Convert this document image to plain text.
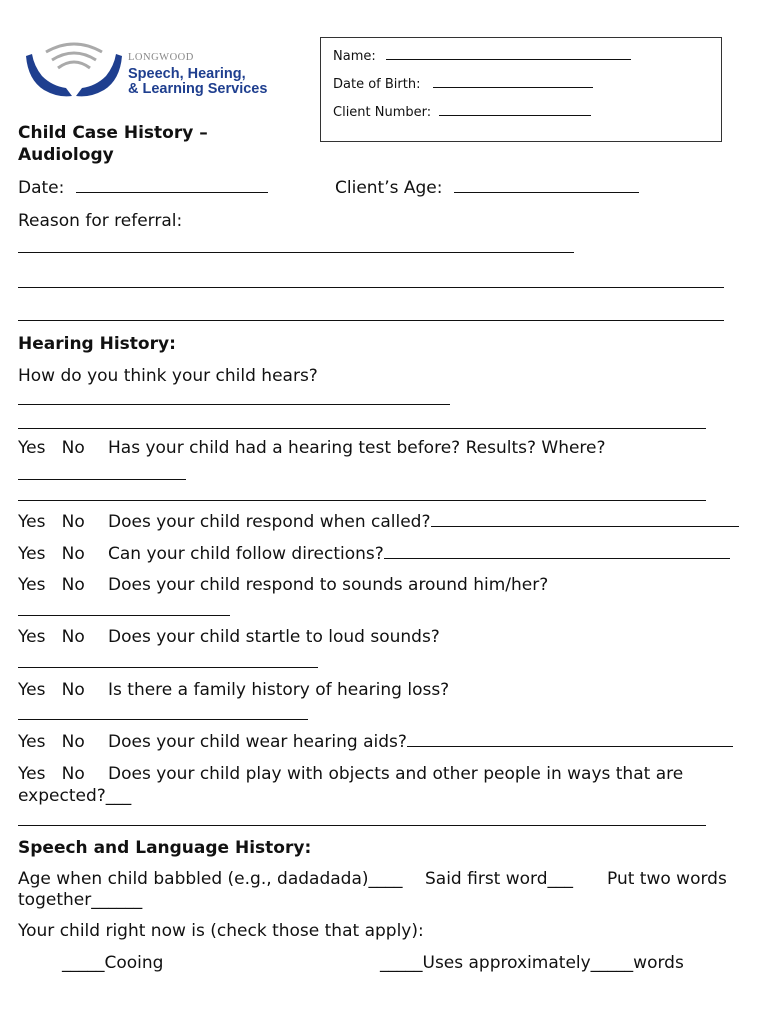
LONGWOOD
Speech, Hearing,
& Learning Services
Name:
Date of Birth:
Client Number:
Child Case History –
Audiology
Date:	Client’s Age:
Reason for referral:
Hearing History:
How do you think your child hears?
Yes No Has your child had a hearing test before? Results? Where?
Yes No Does your child respond when called?
Yes No Can your child follow directions?
Yes No Does your child respond to sounds around him/her?
Yes No Does your child startle to loud sounds?
Yes No Is there a family history of hearing loss?
Yes No Does your child wear hearing aids?
Yes No Does your child play with objects and other people in ways that are
expected?___
Speech and Language History:
Age when child babbled (e.g., dadadada)____ Said first word___ Put two words
together______
Your child right now is (check those that apply):
_____Cooing	_____Uses approximately_____words
